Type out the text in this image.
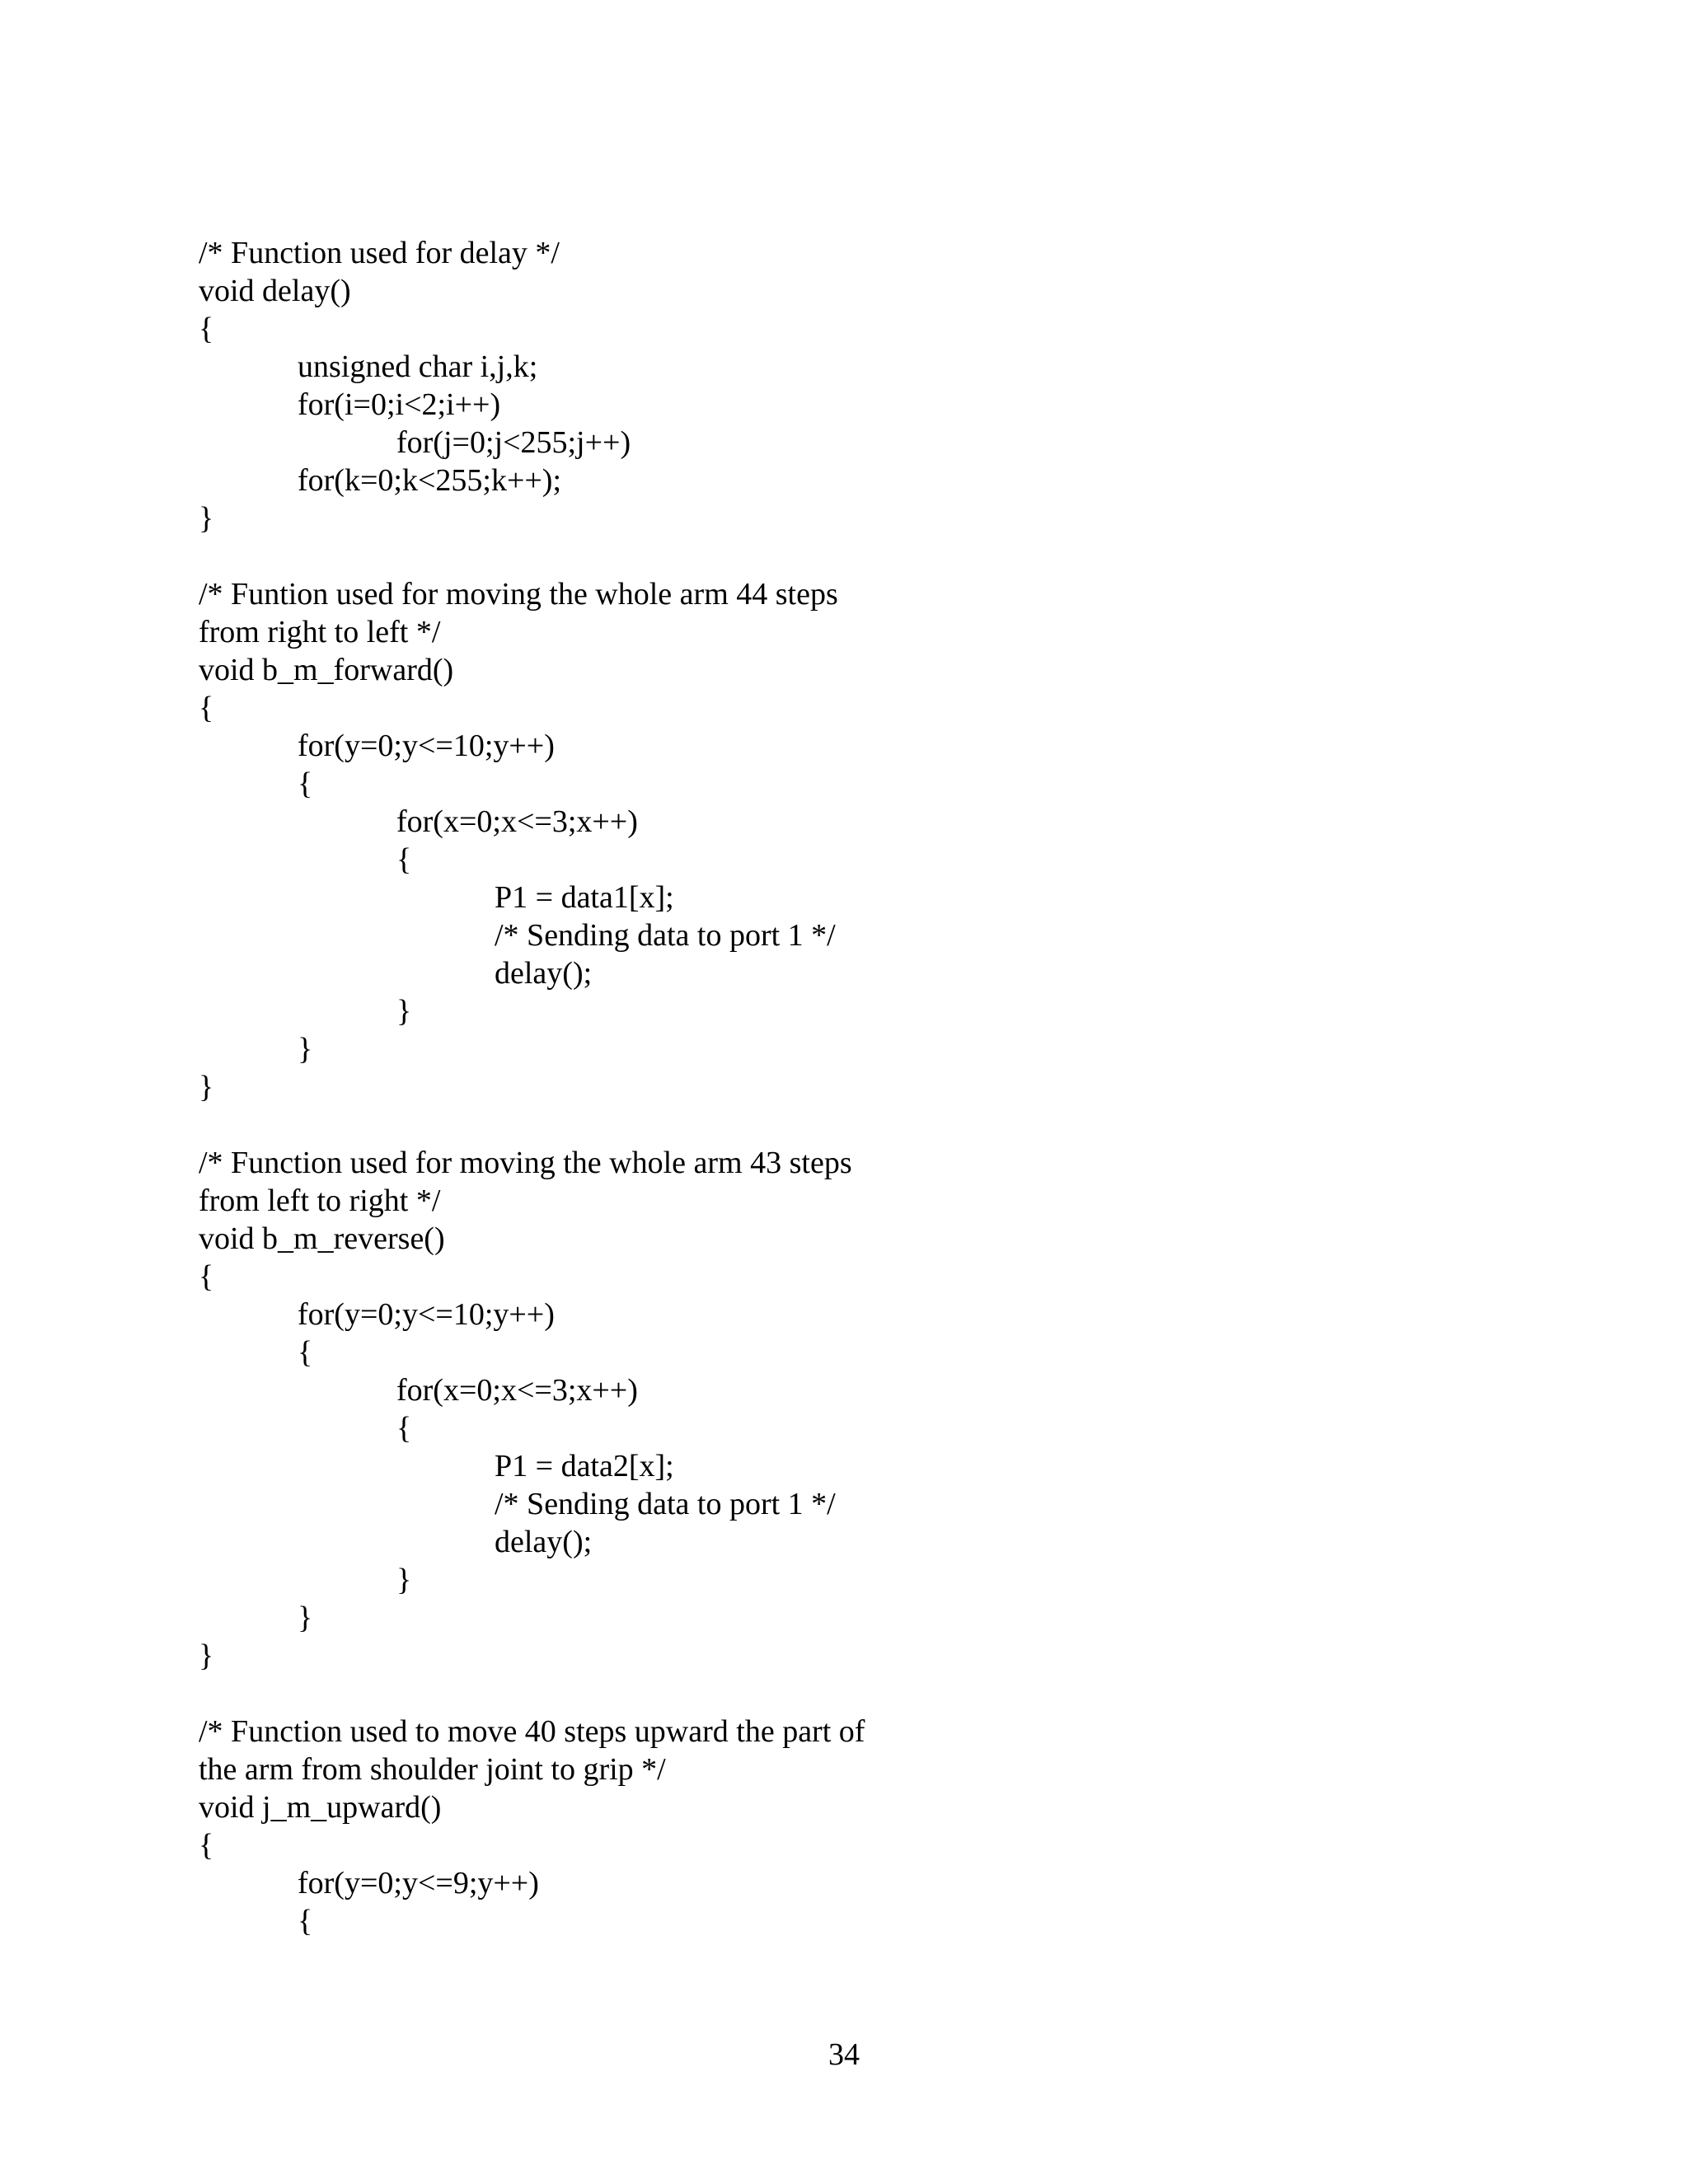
/* Function used for delay */
void delay()
{
unsigned char i,j,k;
for(i=0;i<2;i++)
for(j=0;j<255;j++)
for(k=0;k<255;k++);
}
/* Funtion used for moving the whole arm 44 steps
from right to left */
void b_m_forward()
{
for(y=0;y<=10;y++)
{
for(x=0;x<=3;x++)
{
P1 = data1[x];
/* Sending data to port 1 */
delay();
}
}
}
/* Function used for moving the whole arm 43 steps
from left to right */
void b_m_reverse()
{
for(y=0;y<=10;y++)
{
for(x=0;x<=3;x++)
{
P1 = data2[x];
/* Sending data to port 1 */
delay();
}
}
}
/* Function used to move 40 steps upward the part of
the arm from shoulder joint to grip */
void j_m_upward()
{
for(y=0;y<=9;y++)
{
34
